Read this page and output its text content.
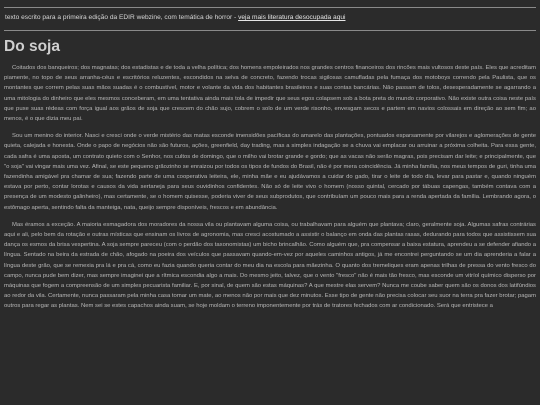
texto escrito para a primeira edição da EDIR webzine, com temática de horror - veja mais literatura desocupada aqui
Do soja

Coitados dos banqueiros; dos magnatas; dos estadistas e de toda a velha política; dos homens empoleirados nos grandes centros financeiros dos rincões mais vultosos deste país. Eles que acreditam piamente, no topo de seus arranha-céus e escritórios reluzentes, escondidos na selva de concreto, fazendo trocas sigilosas camufladas pela fumaça dos motoboys correndo pela Paulista, que os montantes que correm pelas suas mãos suadas é o combustível, motor e volante da vida dos habitantes brasileiros e suas contas bancárias. Não passam de tolos, desesperadamente se agarrando a uma mitologia do dinheiro que eles mesmos conceberam, em uma tentativa ainda mais tola de impedir que seus egos colapsem sob a bota preta do mundo corporativo. Não existe outra coisa neste país que puxe suas rédeas com força igual aos grãos de soja que crescem do chão sujo, cobrem o solo de um verde risonho, envesgam secos e partem em navios colossais em direção ao sem fim; ao menos, é o que dizia meu pai.

Sou um menino do interior. Nasci e cresci onde o verde mistério das matas esconde imensidões pacíficas do amarelo das plantações, pontuados esparsamente por vilarejos e aglomerações de gente quieta, calejada e honesta. Onde o papo de negócios não são futuros, ações, greenfield, day trading, mas a simples indagação se a chuva vai emplacar ou arruinar a próxima colheita. Para essa gente, cada safra é uma aposta, um contrato quieto com o Senhor, nos cultos de domingo, que o milho vai brotar grande e gordo; que as vacas não serão magras, pois precisam dar leite; e principalmente, que "o soja" vai vingar mais uma vez. Afinal, se este pequeno grãozinho se enraizou por todos os tipos de fundos do Brasil, não é por mera coincidência. Já minha família, nos meus tempos de guri, tinha uma fazendinha amigável pra chamar de sua; fazendo parte de uma cooperativa leiteira, ele, minha mãe e eu ajudávamos a cuidar do gado, tirar o leite de todo dia, levar para pastar e, quando ninguém estava por perto, contar lorotas e causos da vida sertaneja para seus ouvidinhos confidentes. Não só de leite vivo o homem (nosso quintal, cercado por tábuas capengas, também contava com a presença de um modesto galinheiro), mas certamente, se o homem quisesse, poderia viver de seus subprodutos, que contribuíam um pouco mais para a renda apertada da família. Lembrando agora, o estômago aperta, sentindo falta da manteiga, nata, queijo sempre disponíveis, frescos e em abundância.

Mas éramos a exceção. A maioria esmagadora dos moradores da nossa vila ou plantavam alguma coisa, ou trabalhavam para alguém que plantava; claro, geralmente soja. Algumas safras contrárias aqui e ali, pelo bem da rotação e outras místicas que ensinam os livros de agronomia, mas cresci acostumado a assistir o balanço em onda das plantas rasas, dedurando para todos que assistissem sua dança os esmos da brisa vespertina. A soja sempre pareceu (com o perdão dos taxonomistas) um bicho brincalhão. Como alguém que, pra compensar a baixa estatura, aprendeu a se defender afiando a língua. Sentado na beira da estrada de chão, afogado na poeira dos veículos que passavam quando-em-vez por aqueles caminhos antigos, já me encontrei perguntando se um dia aprenderia a falar a língua deste grão, que se remexia pra lá e pra cá, como eu fazia quando queria contar do meu dia na escola para mãezinha. O quanto dos tremeliques eram apenas trilhas de pressa do vento fresco do campo, nunca pude bem dizer, mas sempre imaginei que a rítmica escondia algo a mais. Do mesmo jeito, talvez, que o vento "fresco" não é mais tão fresco, mas esconde um vitríol químico disperso por máquinas que fogem a compreensão de um simples pecuarista familiar. E, por sinal, de quem são estas máquinas? A que mestre elas servem? Nunca me coube saber quem são os donos dos latifúndios ao redor da vila. Certamente, nunca passaram pela minha casa tomar um mate, ao menos não por mais que dez minutos. Esse tipo de gente não precisa colocar seu suor na terra pra fazer brotar; pagam outros para regar as plantas. Nem sei se estes capachos ainda suam, se hoje moldam o terreno imponentemente por trás de tratores fechados com ar condicionado. Será que entristece a
